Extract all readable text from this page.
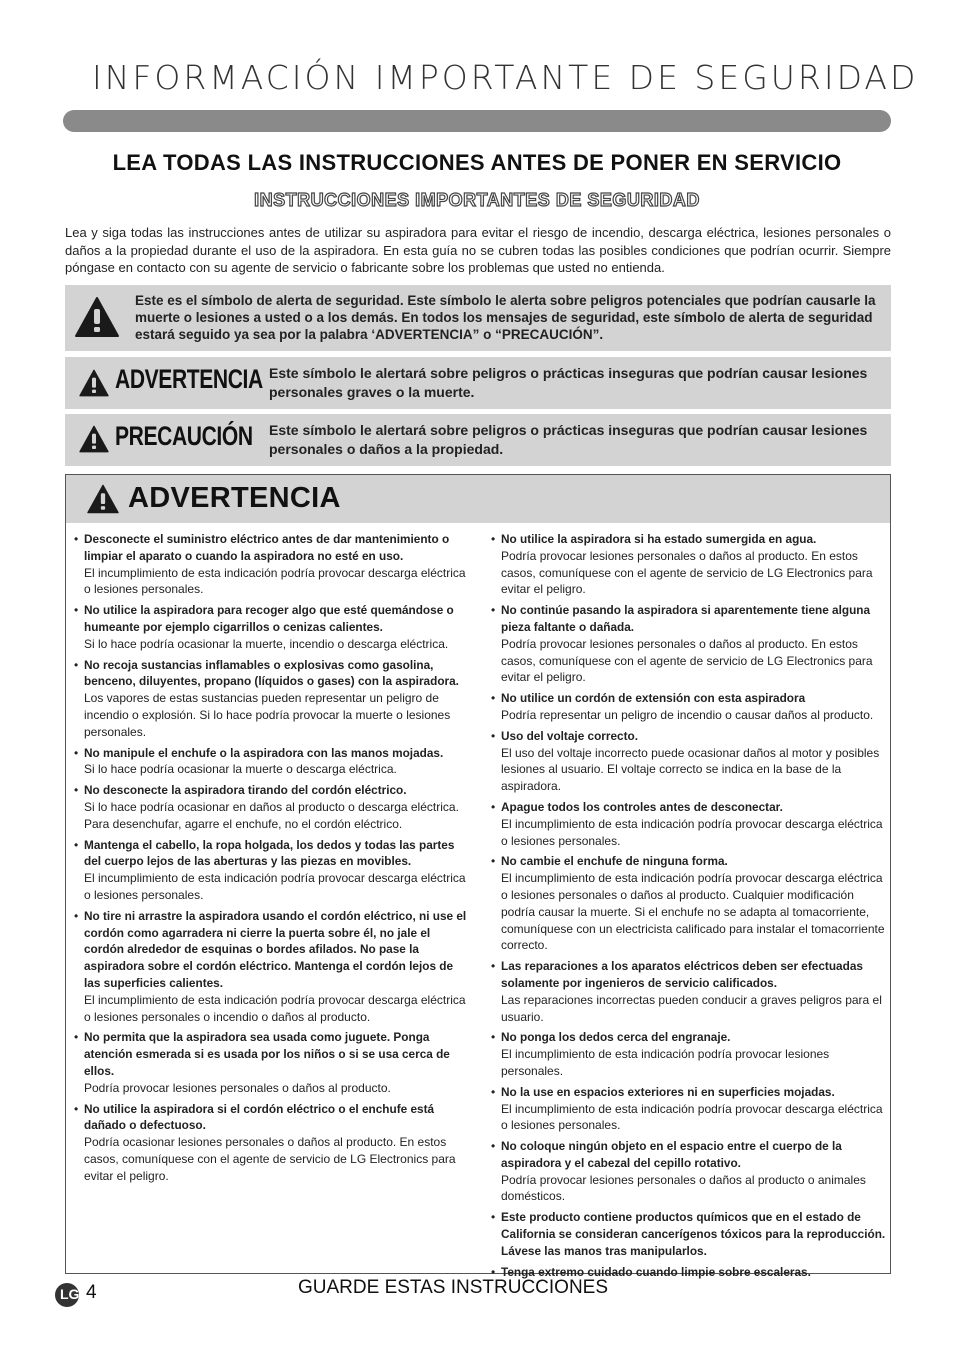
INFORMACIÓN IMPORTANTE DE SEGURIDAD
LEA TODAS LAS INSTRUCCIONES ANTES DE PONER EN SERVICIO
INSTRUCCIONES IMPORTANTES DE SEGURIDAD
Lea y siga todas las instrucciones antes de utilizar su aspiradora para evitar el riesgo de incendio, descarga eléctrica, lesiones personales o daños a la propiedad durante el uso de la aspiradora. En esta guía no se cubren todas las posibles condiciones que podrían ocurrir. Siempre póngase en contacto con su agente de servicio o fabricante sobre los problemas que usted no entienda.
Este es el símbolo de alerta de seguridad. Este símbolo le alerta sobre peligros potenciales que podrían causarle la muerte o lesiones a usted o a los demás. En todos los mensajes de seguridad, este símbolo de alerta de seguridad estará seguido ya sea por la palabra ‘ADVERTENCIA” o “PRECAUCIÓN”.
ADVERTENCIA Este símbolo le alertará sobre peligros o prácticas inseguras que podrían causar lesiones personales graves o la muerte.
PRECAUCIÓN Este símbolo le alertará sobre peligros o prácticas inseguras que podrían causar lesiones personales o daños a la propiedad.
ADVERTENCIA
• Desconecte el suministro eléctrico antes de dar mantenimiento o limpiar el aparato o cuando la aspiradora no esté en uso.
El incumplimiento de esta indicación podría provocar descarga eléctrica o lesiones personales.
• No utilice la aspiradora para recoger algo que esté quemándose o humeante por ejemplo cigarrillos o cenizas calientes.
Si lo hace podría ocasionar la muerte, incendio o descarga eléctrica.
• No recoja sustancias inflamables o explosivas como gasolina, benceno, diluyentes, propano (líquidos o gases) con la aspiradora.
Los vapores de estas sustancias pueden representar un peligro de incendio o explosión. Si lo hace podría provocar la muerte o lesiones personales.
• No manipule el enchufe o la aspiradora con las manos mojadas.
Si lo hace podría ocasionar la muerte o descarga eléctrica.
• No desconecte la aspiradora tirando del cordón eléctrico.
Si lo hace podría ocasionar en daños al producto o descarga eléctrica. Para desenchufar, agarre el enchufe, no el cordón eléctrico.
• Mantenga el cabello, la ropa holgada, los dedos y todas las partes del cuerpo lejos de las aberturas y las piezas en movibles.
El incumplimiento de esta indicación podría provocar descarga eléctrica o lesiones personales.
• No tire ni arrastre la aspiradora usando el cordón eléctrico, ni use el cordón como agarradera ni cierre la puerta sobre él, no jale el cordón alrededor de esquinas o bordes afilados. No pase la aspiradora sobre el cordón eléctrico. Mantenga el cordón lejos de las superficies calientes.
El incumplimiento de esta indicación podría provocar descarga eléctrica o lesiones personales o incendio o daños al producto.
• No permita que la aspiradora sea usada como juguete. Ponga atención esmerada si es usada por los niños o si se usa cerca de ellos.
Podría provocar lesiones personales o daños al producto.
• No utilice la aspiradora si el cordón eléctrico o el enchufe está dañado o defectuoso.
Podría ocasionar lesiones personales o daños al producto. En estos casos, comuníquese con el agente de servicio de LG Electronics para evitar el peligro.
• No utilice la aspiradora si ha estado sumergida en agua.
Podría provocar lesiones personales o daños al producto. En estos casos, comuníquese con el agente de servicio de LG Electronics para evitar el peligro.
• No continúe pasando la aspiradora si aparentemente tiene alguna pieza faltante o dañada.
Podría provocar lesiones personales o daños al producto. En estos casos, comuníquese con el agente de servicio de LG Electronics para evitar el peligro.
• No utilice un cordón de extensión con esta aspiradora
Podría representar un peligro de incendio o causar daños al producto.
• Uso del voltaje correcto.
El uso del voltaje incorrecto puede ocasionar daños al motor y posibles lesiones al usuario. El voltaje correcto se indica en la base de la aspiradora.
• Apague todos los controles antes de desconectar.
El incumplimiento de esta indicación podría provocar descarga eléctrica o lesiones personales.
• No cambie el enchufe de ninguna forma.
El incumplimiento de esta indicación podría provocar descarga eléctrica o lesiones personales o daños al producto. Cualquier modificación podría causar la muerte. Si el enchufe no se adapta al tomacorriente, comuníquese con un electricista calificado para instalar el tomacorriente correcto.
• Las reparaciones a los aparatos eléctricos deben ser efectuadas solamente por ingenieros de servicio calificados.
Las reparaciones incorrectas pueden conducir a graves peligros para el usuario.
• No ponga los dedos cerca del engranaje.
El incumplimiento de esta indicación podría provocar lesiones personales.
• No la use en espacios exteriores ni en superficies mojadas.
El incumplimiento de esta indicación podría provocar descarga eléctrica o lesiones personales.
• No coloque ningún objeto en el espacio entre el cuerpo de la aspiradora y el cabezal del cepillo rotativo.
Podría provocar lesiones personales o daños al producto o animales domésticos.
• Este producto contiene productos químicos que en el estado de California se consideran cancerígenos tóxicos para la reproducción. Lávese las manos tras manipularlos.
• Tenga extremo cuidado cuando limpie sobre escaleras.
LG 4	GUARDE ESTAS INSTRUCCIONES
